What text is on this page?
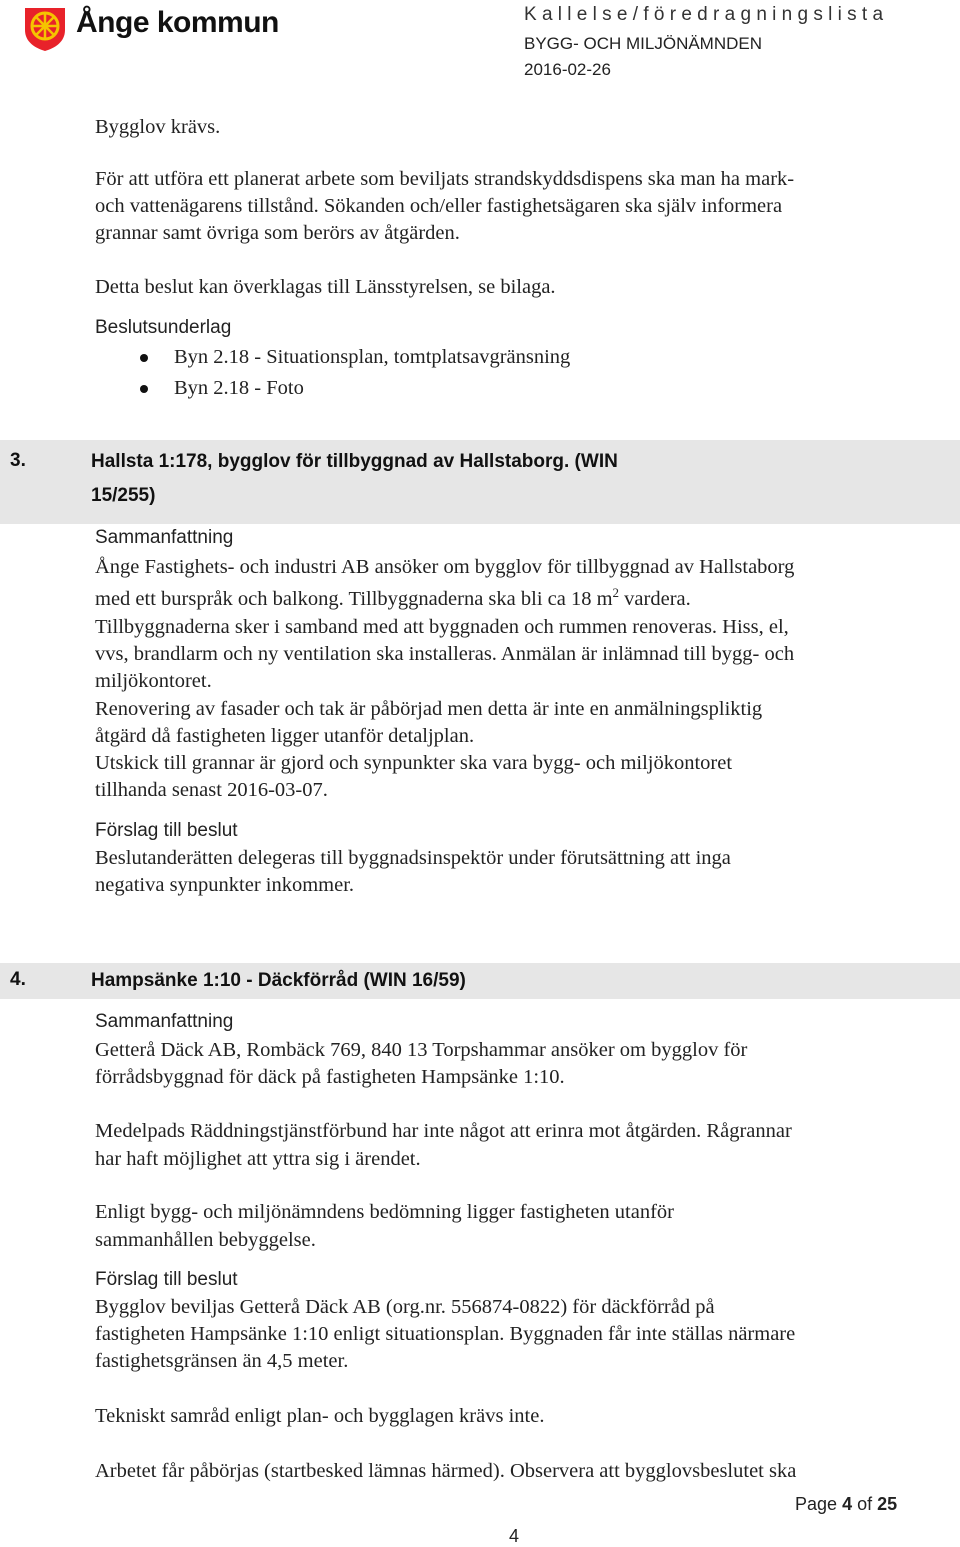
Ånge kommun	K a l l e l s e / f ö r e d r a g n i n g s l i s t a
BYGG- OCH MILJÖNÄMNDEN
2016-02-26
Bygglov krävs.
För att utföra ett planerat arbete som beviljats strandskyddsdispens ska man ha mark-
och vattenägarens tillstånd. Sökanden och/eller fastighetsägaren ska själv informera
grannar samt övriga som berörs av åtgärden.
Detta beslut kan överklagas till Länsstyrelsen, se bilaga.
Beslutsunderlag
Byn 2.18 - Situationsplan, tomtplatsavgränsning
Byn 2.18 - Foto
3.	Hallsta 1:178, bygglov för tillbyggnad av Hallstaborg. (WIN
15/255)
Sammanfattning
Ånge Fastighets- och industri AB ansöker om bygglov för tillbyggnad av Hallstaborg
med ett burspråk och balkong. Tillbyggnaderna ska bli ca 18 $m^2$ vardera.
Tillbyggnaderna sker i samband med att byggnaden och rummen renoveras. Hiss, el,
vvs, brandlarm och ny ventilation ska installeras. Anmälan är inlämnad till bygg- och
miljökontoret.
Renovering av fasader och tak är påbörjad men detta är inte en anmälningspliktig
åtgärd då fastigheten ligger utanför detaljplan.
Utskick till grannar är gjord och synpunkter ska vara bygg- och miljökontoret
tillhanda senast 2016-03-07.
Förslag till beslut
Beslutanderätten delegeras till byggnadsinspektör under förutsättning att inga
negativa synpunkter inkommer.
4.	Hampsänke 1:10 - Däckförråd (WIN 16/59)
Sammanfattning
Getterå Däck AB, Rombäck 769, 840 13 Torpshammar ansöker om bygglov för
förrådsbyggnad för däck på fastigheten Hampsänke 1:10.
Medelpads Räddningstjänstförbund har inte något att erinra mot åtgärden. Rågrannar
har haft möjlighet att yttra sig i ärendet.
Enligt bygg- och miljönämndens bedömning ligger fastigheten utanför
sammanhållen bebyggelse.
Förslag till beslut
Bygglov beviljas Getterå Däck AB (org.nr. 556874-0822) för däckförråd på
fastigheten Hampsänke 1:10 enligt situationsplan. Byggnaden får inte ställas närmare
fastighetsgränsen än 4,5 meter.
Tekniskt samråd enligt plan- och bygglagen krävs inte.
Arbetet får påbörjas (startbesked lämnas härmed). Observera att bygglovsbeslutet ska
Page 4 of 25
4
